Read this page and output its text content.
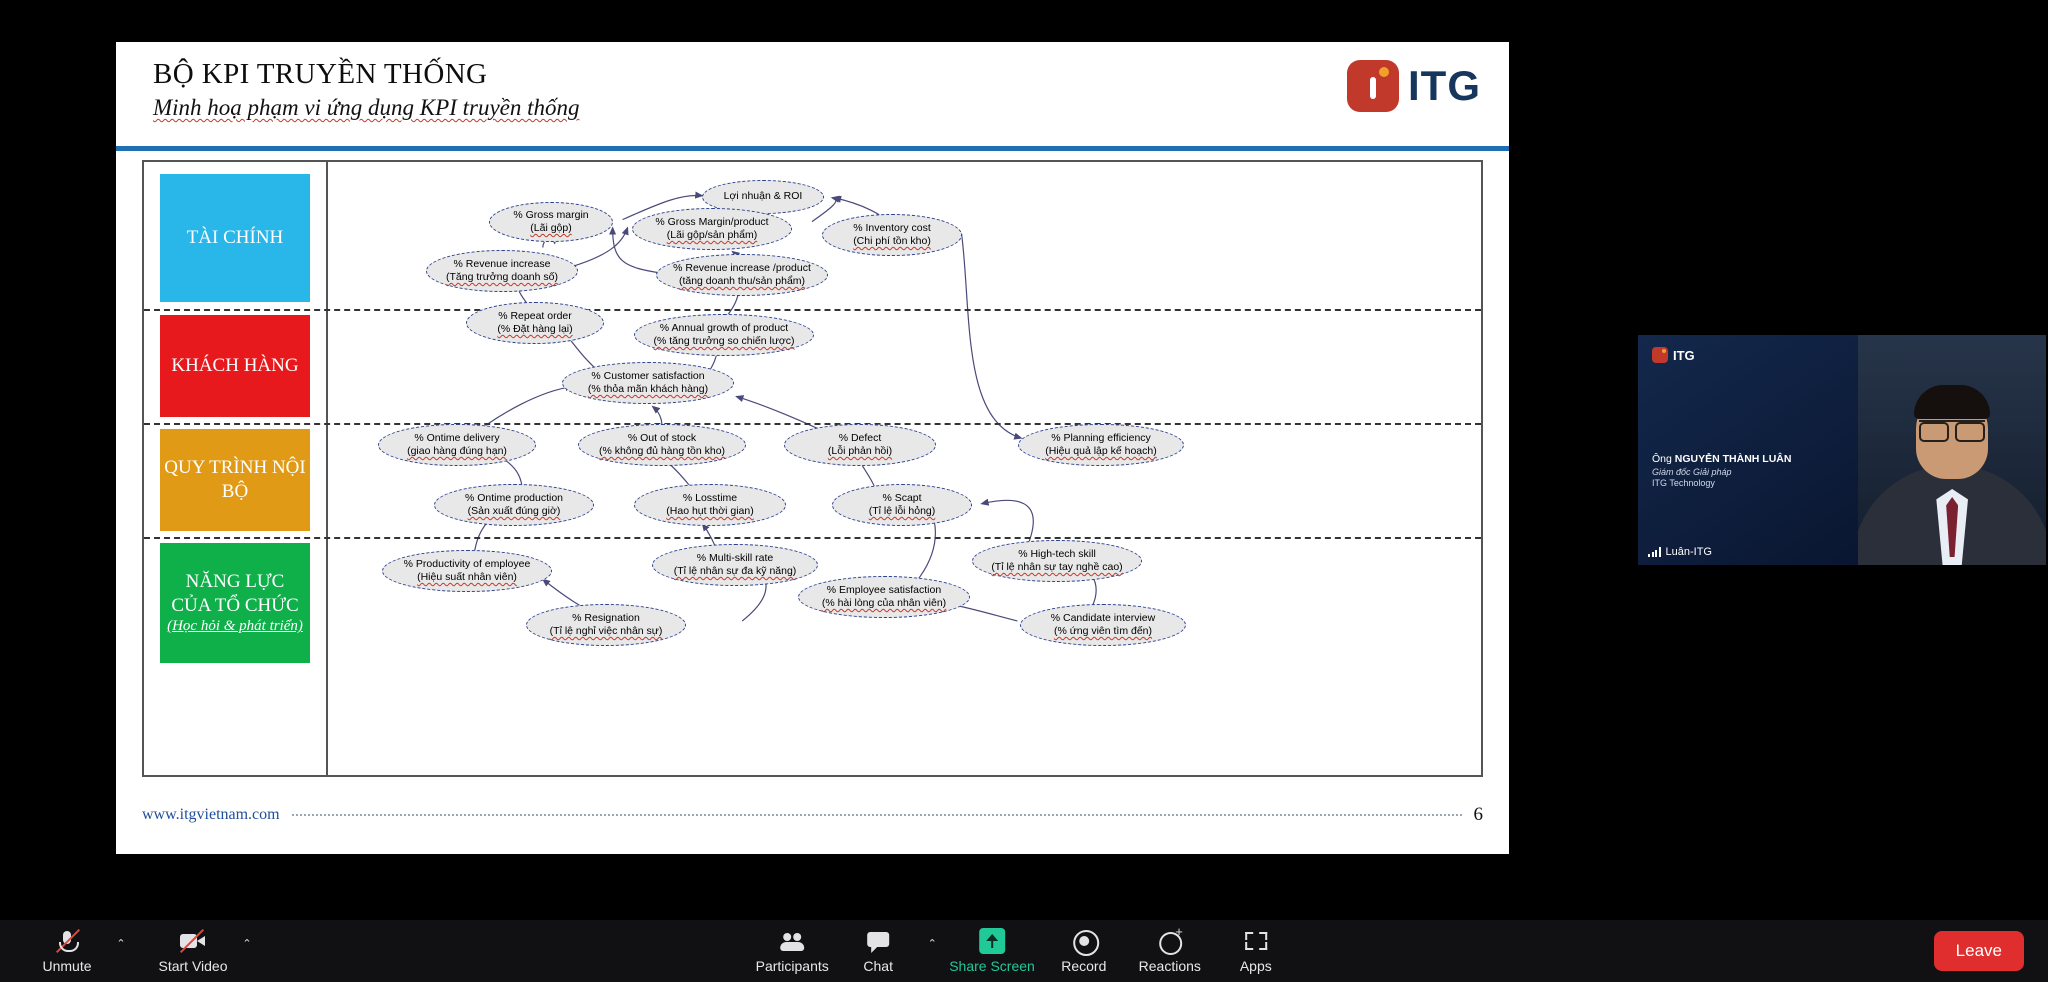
BỘ KPI TRUYỀN THỐNG
Minh hoạ phạm vi ứng dụng KPI truyền thống	ITG
TÀI CHÍNH
KHÁCH HÀNG
QUY TRÌNH NỘI BỘ
NĂNG LỰC CỦA TỔ CHỨC
(Học hỏi & phát triển)
Lợi nhuận & ROI
% Gross margin
(Lãi gộp)
% Gross Margin/product
(Lãi gộp/sản phẩm)
% Inventory cost
(Chi phí tồn kho)
% Revenue increase
(Tăng trưởng doanh số)
% Revenue increase /product
(tăng doanh thu/sản phẩm)
% Repeat order
(% Đặt hàng lại)	% Annual growth of product
(% tăng trưởng so chiến lược)
% Customer satisfaction
(% thỏa mãn khách hàng)
% Ontime delivery
(giao hàng đúng hạn)
% Out of stock
(% không đủ hàng tồn kho)
% Defect
(Lỗi phản hồi)
% Planning efficiency
(Hiệu quả lập kế hoạch)
% Ontime production
(Sản xuất đúng giờ)
% Losstime
(Hao hụt thời gian)
% Scapt
(Tỉ lệ lỗi hỏng)
% Productivity of employee
(Hiệu suất nhân viên)
% Multi-skill rate
(Tỉ lệ nhân sự đa kỹ năng)
% High-tech skill
(Tỉ lệ nhân sự tay nghề cao)
% Employee satisfaction
(% hài lòng của nhân viên)
% Resignation
(Tỉ lệ nghỉ việc nhân sự)
% Candidate interview
(% ứng viên tìm đến)
www.itgvietnam.com	6
ITG
Ông NGUYỄN THÀNH LUÂN
Giám đốc Giải pháp
ITG Technology
Luân-ITG
Unmute
⌃
Start Video
⌃
Participants Chat
⌃
Share Screen Record
+ Reactions	Apps
Leave
